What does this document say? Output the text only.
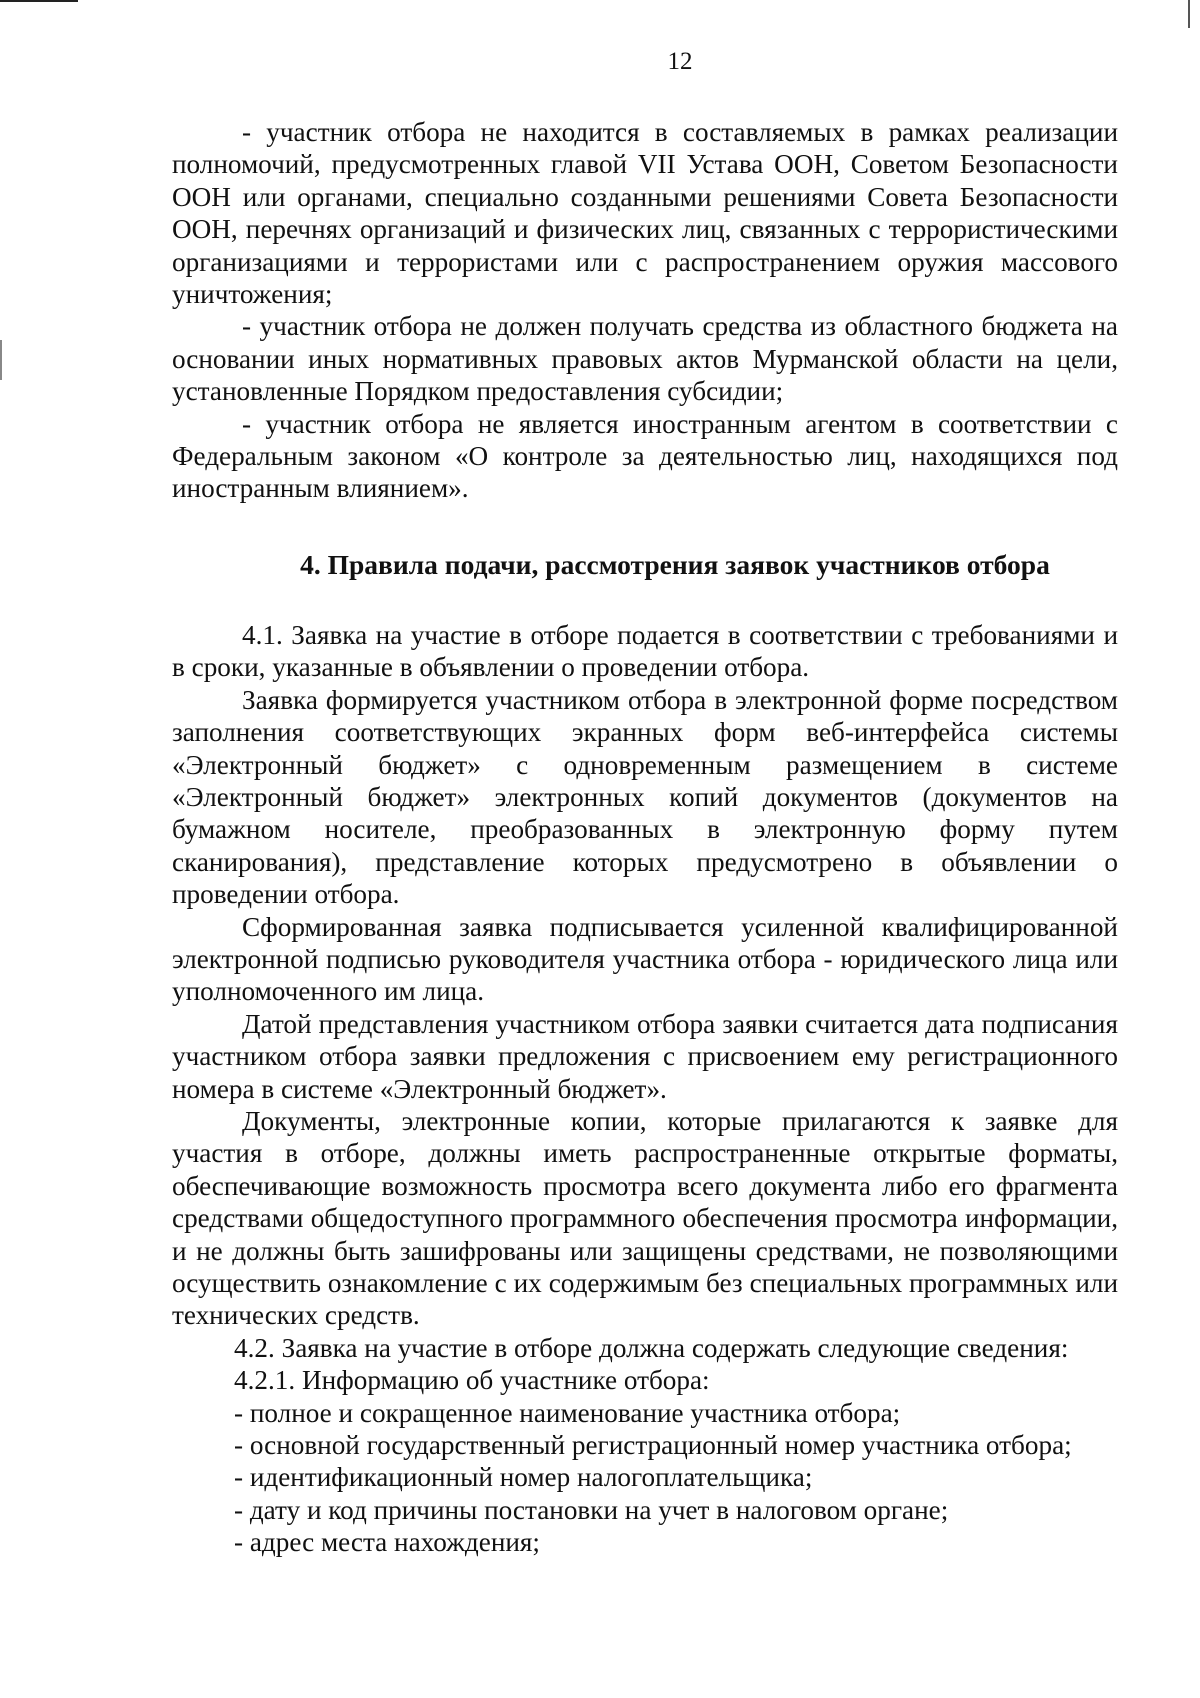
12

- участник отбора не находится в составляемых в рамках реализации полномочий, предусмотренных главой VII Устава ООН, Советом Безопасности ООН или органами, специально созданными решениями Совета Безопасности ООН, перечнях организаций и физических лиц, связанных с террористическими организациями и террористами или с распространением оружия массового уничтожения;

- участник отбора не должен получать средства из областного бюджета на основании иных нормативных правовых актов Мурманской области на цели, установленные Порядком предоставления субсидии;

- участник отбора не является иностранным агентом в соответствии с Федеральным законом «О контроле за деятельностью лиц, находящихся под иностранным влиянием».

4. Правила подачи, рассмотрения заявок участников отбора

4.1. Заявка на участие в отборе подается в соответствии с требованиями и в сроки, указанные в объявлении о проведении отбора.

Заявка формируется участником отбора в электронной форме посредством заполнения соответствующих экранных форм веб-интерфейса системы «Электронный бюджет» с одновременным размещением в системе «Электронный бюджет» электронных копий документов (документов на бумажном носителе, преобразованных в электронную форму путем сканирования), представление которых предусмотрено в объявлении о проведении отбора.

Сформированная заявка подписывается усиленной квалифицированной электронной подписью руководителя участника отбора - юридического лица или уполномоченного им лица.

Датой представления участником отбора заявки считается дата подписания участником отбора заявки предложения с присвоением ему регистрационного номера в системе «Электронный бюджет».

Документы, электронные копии, которые прилагаются к заявке для участия в отборе, должны иметь распространенные открытые форматы, обеспечивающие возможность просмотра всего документа либо его фрагмента средствами общедоступного программного обеспечения просмотра информации, и не должны быть зашифрованы или защищены средствами, не позволяющими осуществить ознакомление с их содержимым без специальных программных или технических средств.

4.2. Заявка на участие в отборе должна содержать следующие сведения:

4.2.1. Информацию об участнике отбора:

- полное и сокращенное наименование участника отбора;

- основной государственный регистрационный номер участника отбора;

- идентификационный номер налогоплательщика;

- дату и код причины постановки на учет в налоговом органе;

- адрес места нахождения;
